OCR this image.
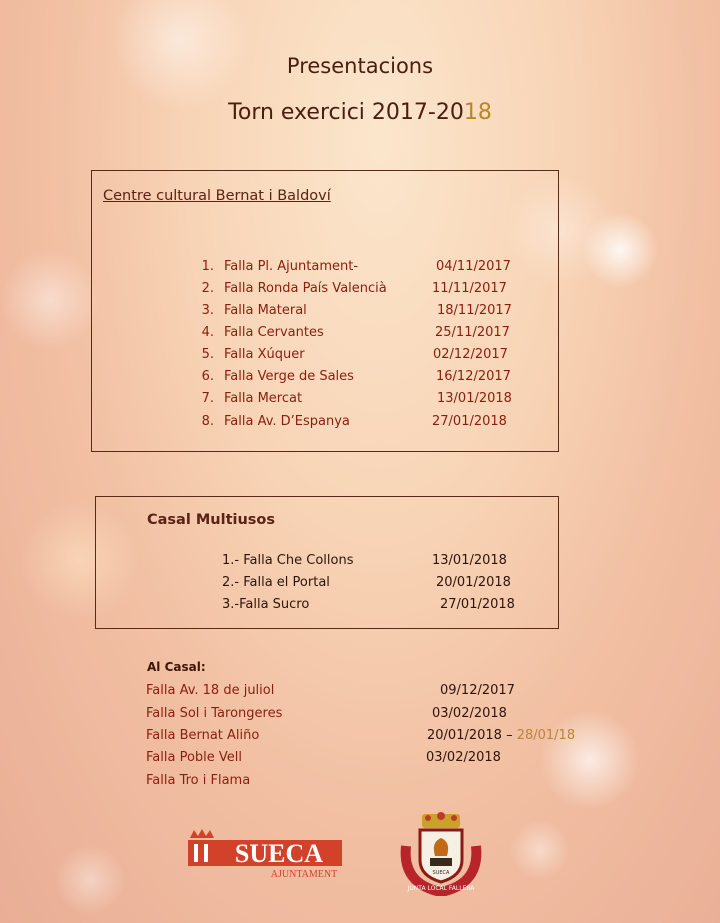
Presentacions
Torn exercici 2017-2018
Centre cultural Bernat i Baldoví
1. Falla Pl. Ajuntament-	04/11/2017
2. Falla Ronda País Valencià	11/11/2017
3. Falla Materal	18/11/2017
4. Falla Cervantes	25/11/2017
5. Falla Xúquer	02/12/2017
6. Falla Verge de Sales	16/12/2017
7. Falla Mercat	13/01/2018
8. Falla Av. D’Espanya	27/01/2018
Casal Multiusos
1.- Falla Che Collons	13/01/2018
2.- Falla el Portal	20/01/2018
3.-Falla Sucro	27/01/2018
Al Casal:
Falla Av. 18 de juliol	09/12/2017
Falla Sol i Tarongeres	03/02/2018
Falla Bernat Aliño	20/01/2018 – 28/01/18
Falla Poble Vell	03/02/2018
Falla Tro i Flama
SUECA
AJUNTAMENT
JUNTA LOCAL FALLERA
SUECA
